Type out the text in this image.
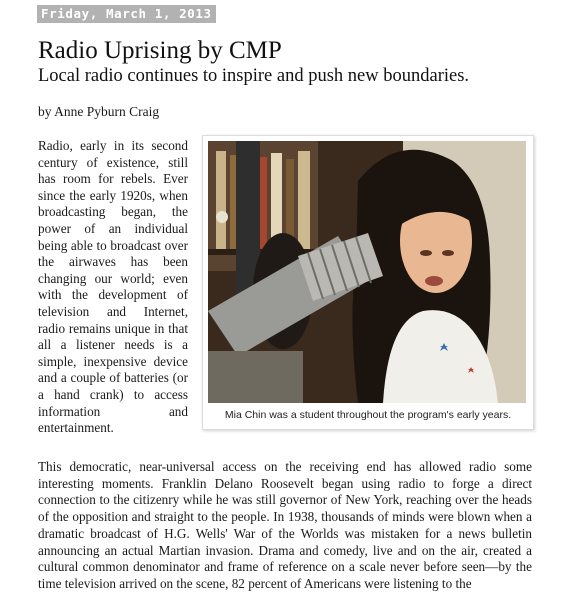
Friday, March 1, 2013
Radio Uprising by CMP
Local radio continues to inspire and push new boundaries.
by Anne Pyburn Craig

Radio, early in its second century of existence, still has room for rebels. Ever since the early 1920s, when broadcasting began, the power of an individual being able to broadcast over the airwaves has been changing our world; even with the development of television and Internet, radio remains unique in that all a listener needs is a simple, inexpensive device and a couple of batteries (or a hand crank) to access information and entertainment.

Mia Chin was a student throughout the program's early years.

This democratic, near-universal access on the receiving end has allowed radio some interesting moments. Franklin Delano Roosevelt began using radio to forge a direct connection to the citizenry while he was still governor of New York, reaching over the heads of the opposition and straight to the people. In 1938, thousands of minds were blown when a dramatic broadcast of H.G. Wells' War of the Worlds was mistaken for a news bulletin announcing an actual Martian invasion. Drama and comedy, live and on the air, created a cultural common denominator and frame of reference on a scale never before seen—by the time television arrived on the scene, 82 percent of Americans were listening to the
